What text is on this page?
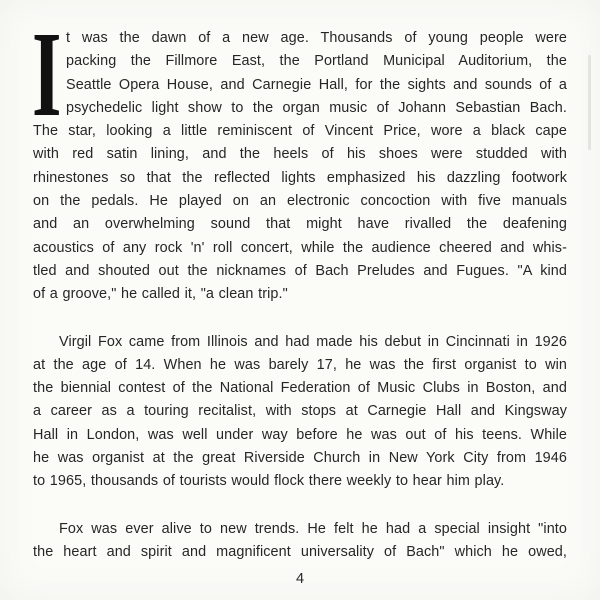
I t was the dawn of a new age. Thousands of young people were
packing the Fillmore East, the Portland Municipal Auditorium, the
Seattle Opera House, and Carnegie Hall, for the sights and sounds of a
psychedelic light show to the organ music of Johann Sebastian Bach.
The star, looking a little reminiscent of Vincent Price, wore a black cape
with red satin lining, and the heels of his shoes were studded with
rhinestones so that the reflected lights emphasized his dazzling footwork
on the pedals. He played on an electronic concoction with five manuals
and an overwhelming sound that might have rivalled the deafening
acoustics of any rock 'n' roll concert, while the audience cheered and whis-
tled and shouted out the nicknames of Bach Preludes and Fugues. "A kind
of a groove," he called it, "a clean trip."
Virgil Fox came from Illinois and had made his debut in Cincinnati in 1926
at the age of 14. When he was barely 17, he was the first organist to win
the biennial contest of the National Federation of Music Clubs in Boston, and
a career as a touring recitalist, with stops at Carnegie Hall and Kingsway
Hall in London, was well under way before he was out of his teens. While
he was organist at the great Riverside Church in New York City from 1946
to 1965, thousands of tourists would flock there weekly to hear him play.
Fox was ever alive to new trends. He felt he had a special insight "into
the heart and spirit and magnificent universality of Bach" which he owed,
4
